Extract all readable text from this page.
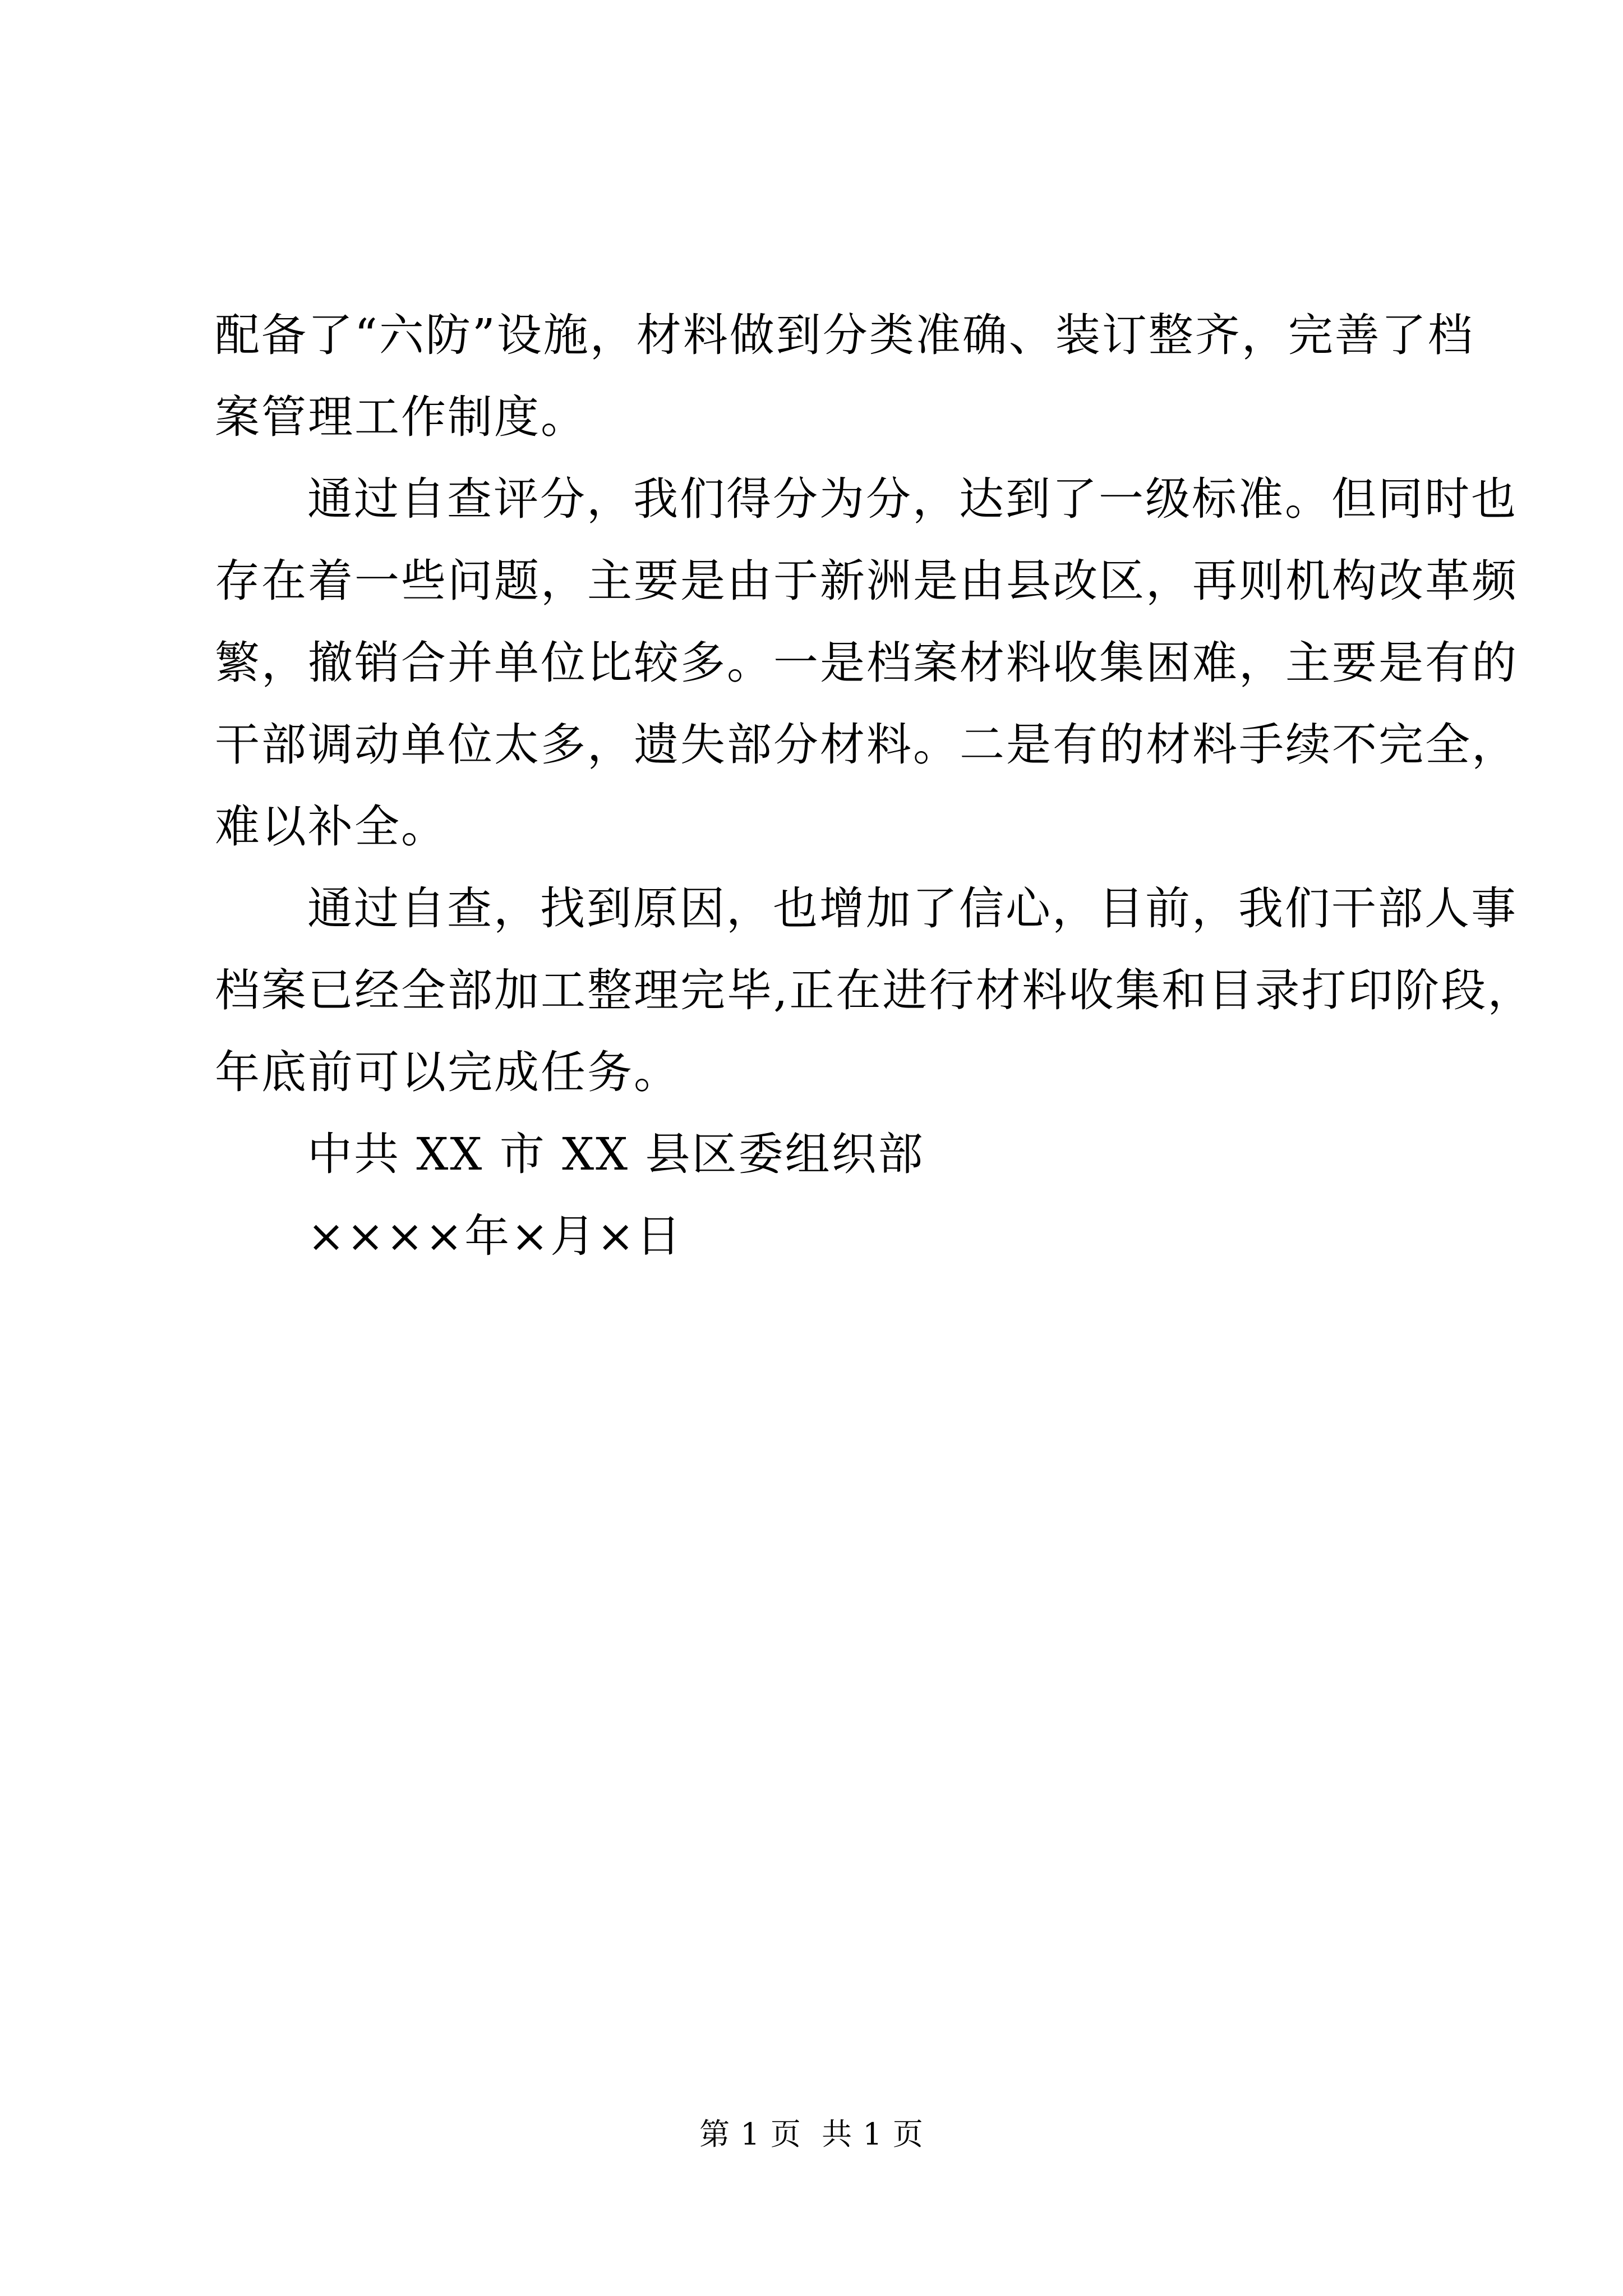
配备了“六防”设施，材料做到分类准确、装订整齐，完善了档
案管理工作制度。
通过自查评分，我们得分为分，达到了一级标准。但同时也
存在着一些问题，主要是由于新洲是由县改区，再则机构改革频
繁，撤销合并单位比较多。一是档案材料收集困难，主要是有的
干部调动单位太多，遗失部分材料。二是有的材料手续不完全，
难以补全。
通过自查，找到原因，也增加了信心，目前，我们干部人事
档案已经全部加工整理完毕,正在进行材料收集和目录打印阶段，
年底前可以完成任务。
中共 XX 市 XX 县区委组织部
××××年×月×日
第 1 页  共 1 页
